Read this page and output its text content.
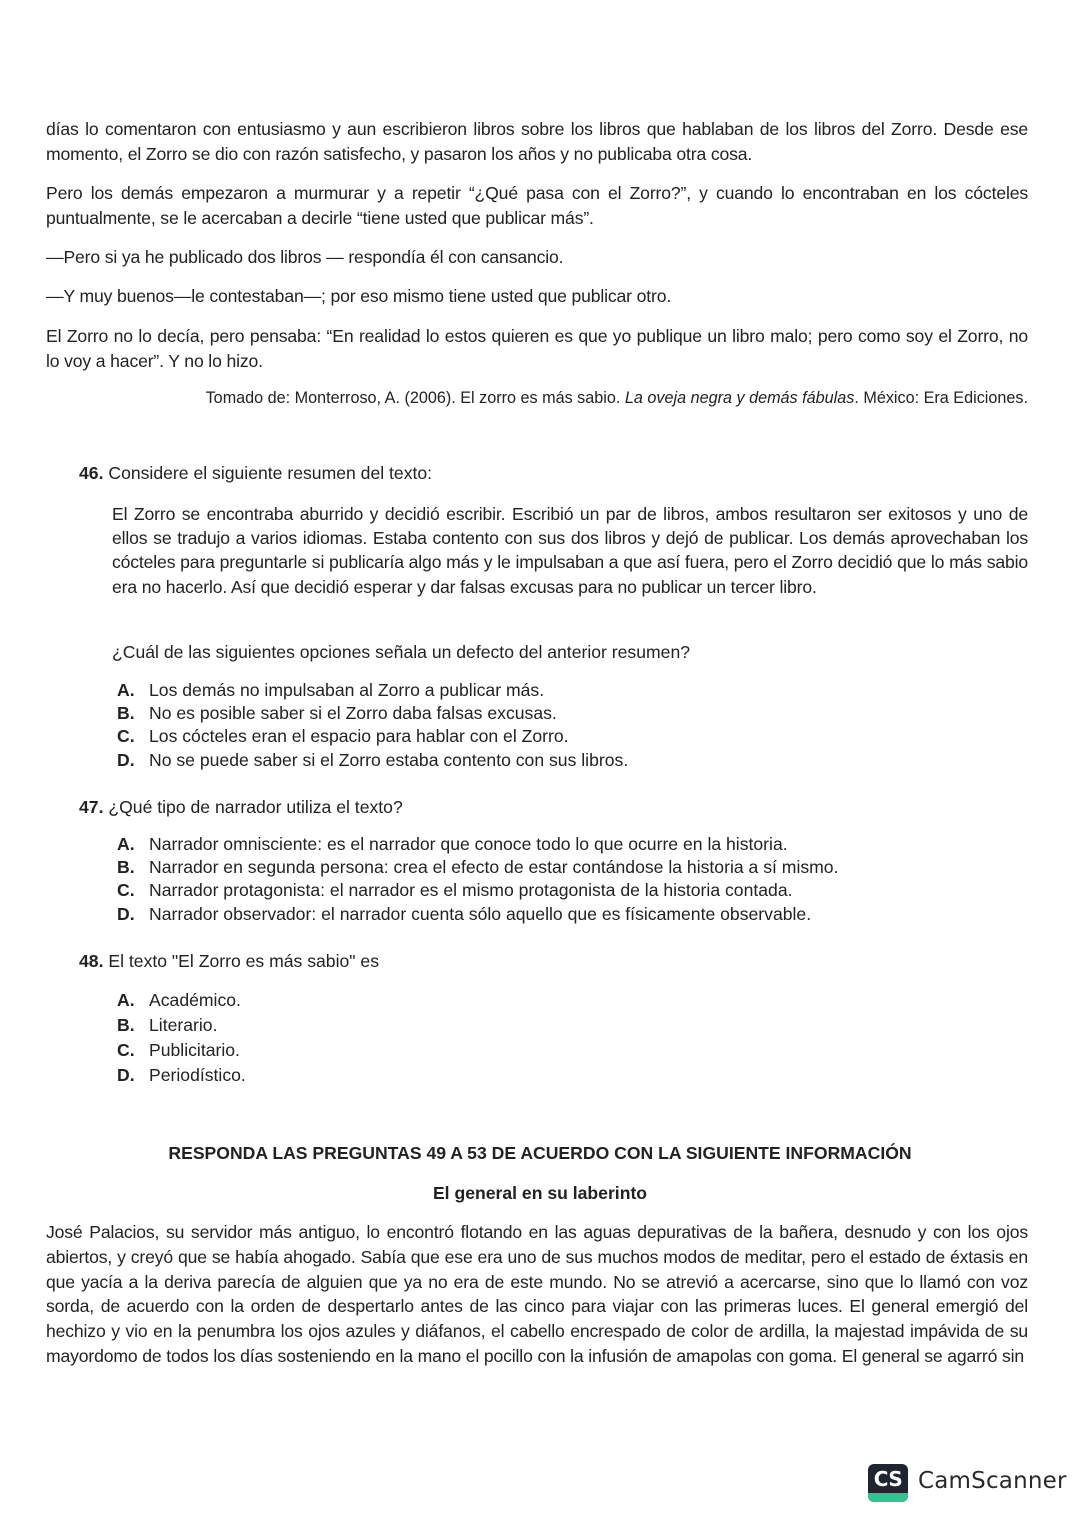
días lo comentaron con entusiasmo y aun escribieron libros sobre los libros que hablaban de los libros del Zorro. Desde ese momento, el Zorro se dio con razón satisfecho, y pasaron los años y no publicaba otra cosa.
Pero los demás empezaron a murmurar y a repetir “¿Qué pasa con el Zorro?”, y cuando lo encontraban en los cócteles puntualmente, se le acercaban a decirle “tiene usted que publicar más”.
—Pero si ya he publicado dos libros — respondía él con cansancio.
—Y muy buenos—le contestaban—; por eso mismo tiene usted que publicar otro.
El Zorro no lo decía, pero pensaba: “En realidad lo estos quieren es que yo publique un libro malo; pero como soy el Zorro, no lo voy a hacer”. Y no lo hizo.
Tomado de: Monterroso, A. (2006). El zorro es más sabio. La oveja negra y demás fábulas. México: Era Ediciones.
46. Considere el siguiente resumen del texto:
El Zorro se encontraba aburrido y decidió escribir. Escribió un par de libros, ambos resultaron ser exitosos y uno de ellos se tradujo a varios idiomas. Estaba contento con sus dos libros y dejó de publicar. Los demás aprovechaban los cócteles para preguntarle si publicaría algo más y le impulsaban a que así fuera, pero el Zorro decidió que lo más sabio era no hacerlo. Así que decidió esperar y dar falsas excusas para no publicar un tercer libro.
¿Cuál de las siguientes opciones señala un defecto del anterior resumen?
A. Los demás no impulsaban al Zorro a publicar más.
B. No es posible saber si el Zorro daba falsas excusas.
C. Los cócteles eran el espacio para hablar con el Zorro.
D. No se puede saber si el Zorro estaba contento con sus libros.
47. ¿Qué tipo de narrador utiliza el texto?
A. Narrador omnisciente: es el narrador que conoce todo lo que ocurre en la historia.
B. Narrador en segunda persona: crea el efecto de estar contándose la historia a sí mismo.
C. Narrador protagonista: el narrador es el mismo protagonista de la historia contada.
D. Narrador observador: el narrador cuenta sólo aquello que es físicamente observable.
48. El texto "El Zorro es más sabio" es
A. Académico.
B. Literario.
C. Publicitario.
D. Periodístico.
RESPONDA LAS PREGUNTAS 49 A 53 DE ACUERDO CON LA SIGUIENTE INFORMACIÓN
El general en su laberinto
José Palacios, su servidor más antiguo, lo encontró flotando en las aguas depurativas de la bañera, desnudo y con los ojos abiertos, y creyó que se había ahogado. Sabía que ese era uno de sus muchos modos de meditar, pero el estado de éxtasis en que yacía a la deriva parecía de alguien que ya no era de este mundo. No se atrevió a acercarse, sino que lo llamó con voz sorda, de acuerdo con la orden de despertarlo antes de las cinco para viajar con las primeras luces. El general emergió del hechizo y vio en la penumbra los ojos azules y diáfanos, el cabello encrespado de color de ardilla, la majestad impávida de su mayordomo de todos los días sosteniendo en la mano el pocillo con la infusión de amapolas con goma. El general se agarró sin
CS CamScanner
